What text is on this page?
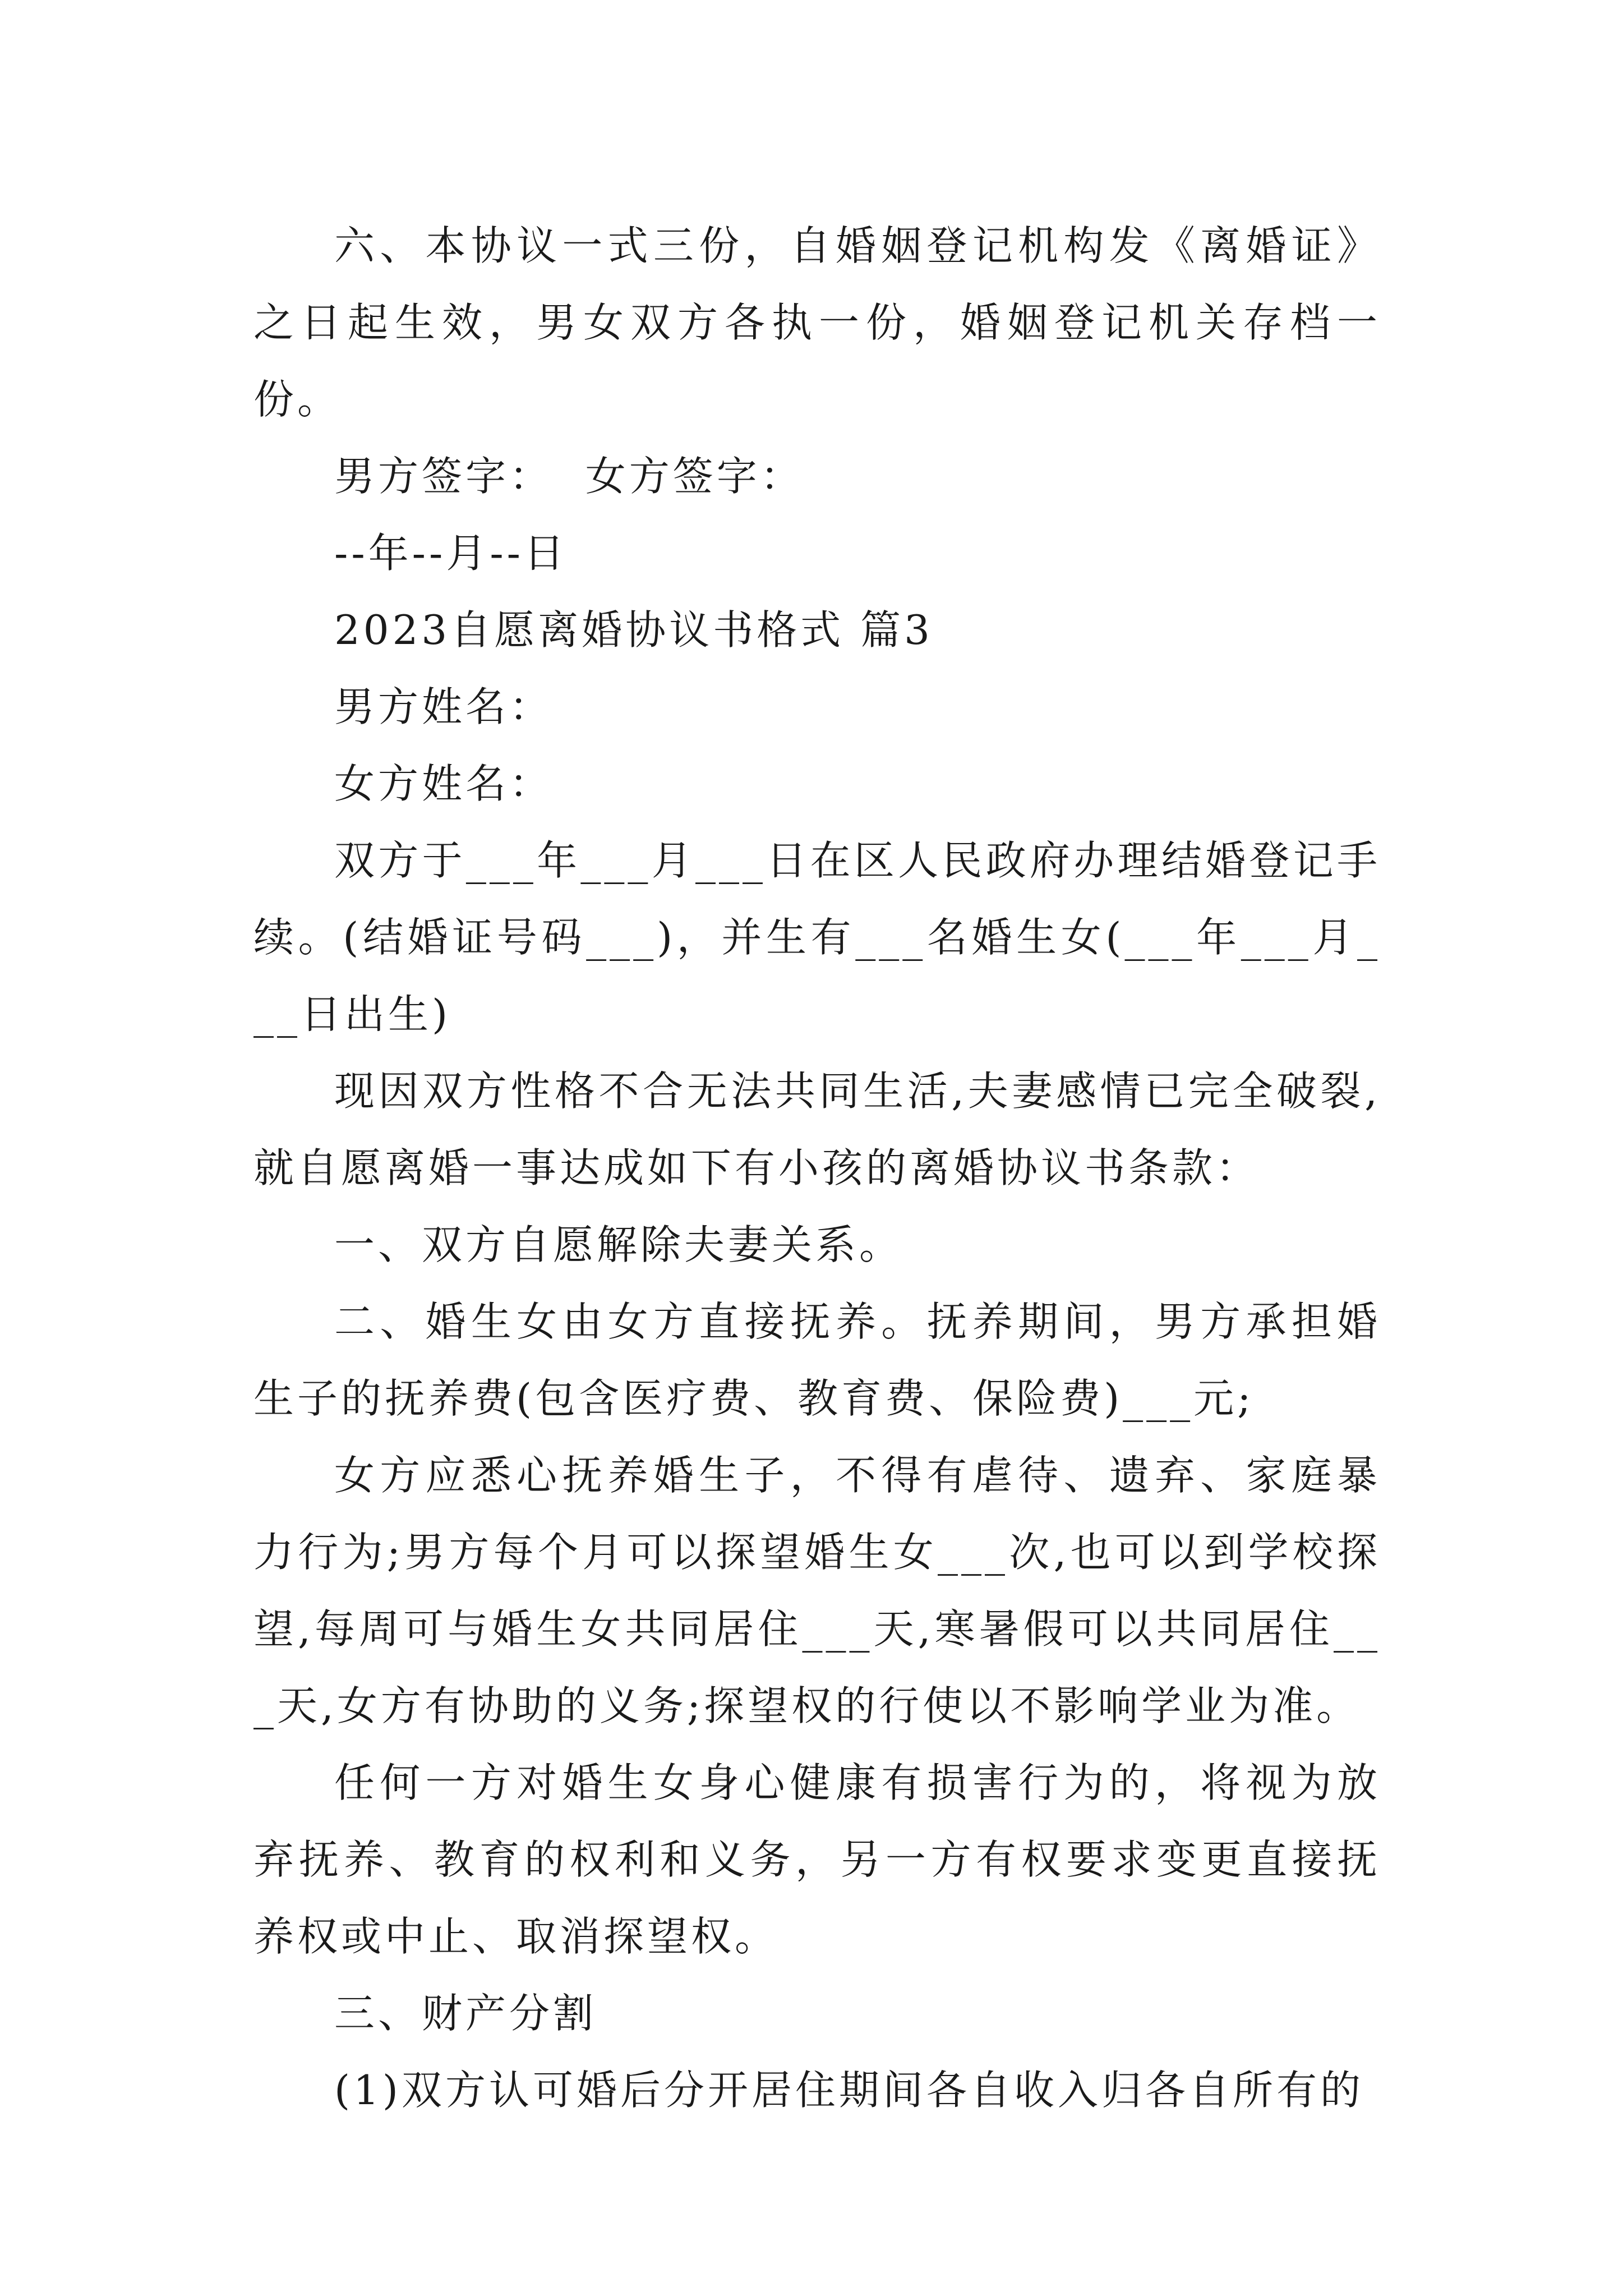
六、本协议一式三份，自婚姻登记机构发《离婚证》之日起生效，男女双方各执一份，婚姻登记机关存档一份。

男方签字：  女方签字：

--年--月--日

2023自愿离婚协议书格式 篇3

男方姓名：

女方姓名：

双方于___年___月___日在区人民政府办理结婚登记手续。(结婚证号码___)，并生有___名婚生女(___年___月___日出生)

现因双方性格不合无法共同生活,夫妻感情已完全破裂,就自愿离婚一事达成如下有小孩的离婚协议书条款：

一、双方自愿解除夫妻关系。

二、婚生女由女方直接抚养。抚养期间，男方承担婚生子的抚养费(包含医疗费、教育费、保险费)___元;

女方应悉心抚养婚生子，不得有虐待、遗弃、家庭暴力行为;男方每个月可以探望婚生女___次,也可以到学校探望,每周可与婚生女共同居住___天,寒暑假可以共同居住___天,女方有协助的义务;探望权的行使以不影响学业为准。

任何一方对婚生女身心健康有损害行为的，将视为放弃抚养、教育的权利和义务，另一方有权要求变更直接抚养权或中止、取消探望权。

三、财产分割

(1)双方认可婚后分开居住期间各自收入归各自所有的
